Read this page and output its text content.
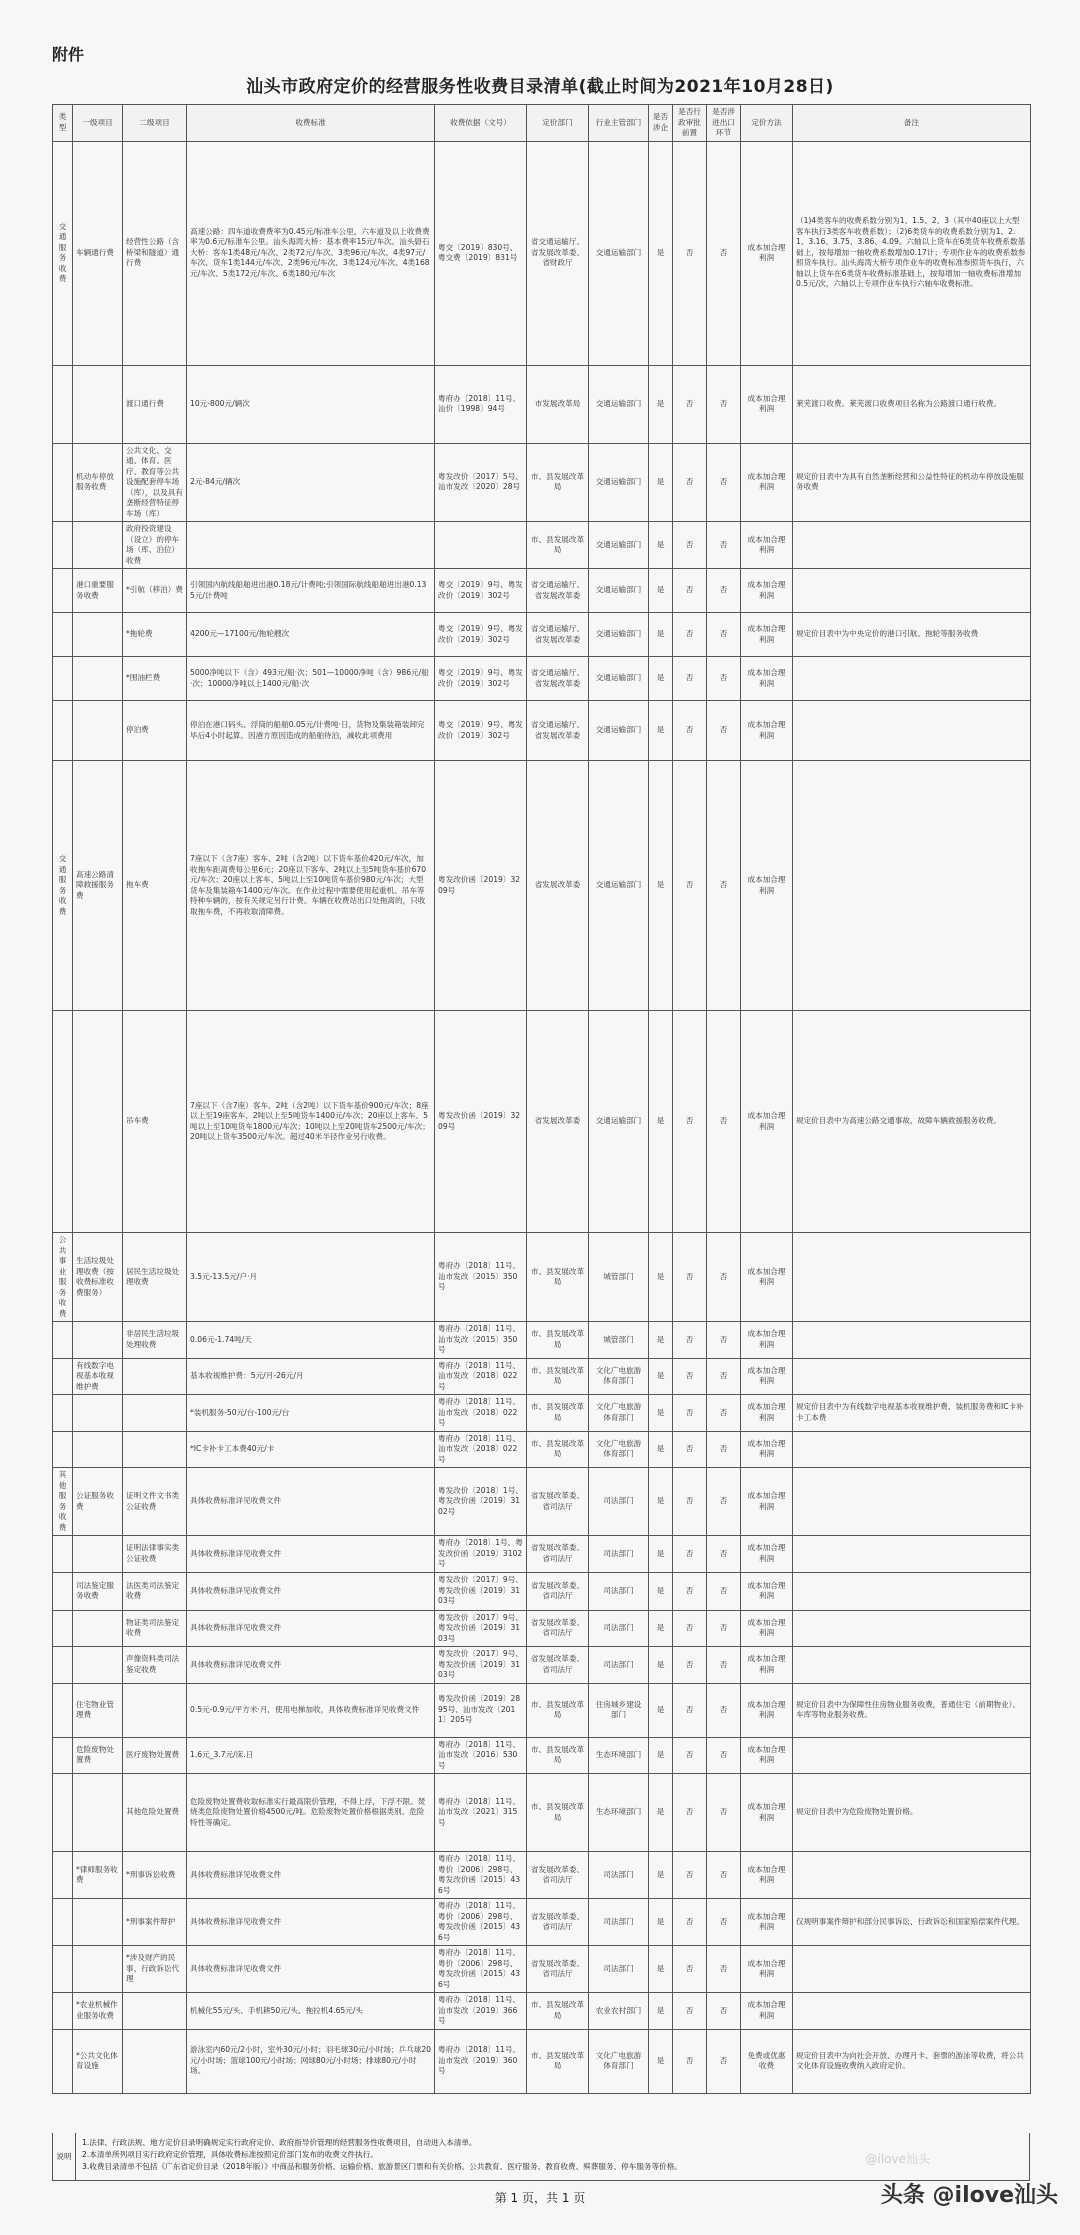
附件
汕头市政府定价的经营服务性收费目录清单(截止时间为2021年10月28日)
类型	一级项目	二级项目	收费标准	收费依据（文号）	定价部门	行业主管部门	是否涉企	是否行政审批前置	是否涉进出口环节	定价方法	备注
交通服务收费	车辆通行费	经营性公路（含桥梁和隧道）通行费	高速公路：四车道收费费率为0.45元/标准车公里，六车道及以上收费费率为0.6元/标准车公里。汕头海湾大桥：基本费率15元/车次。汕头礐石大桥：客车1类48元/车次、2类72元/车次、3类96元/车次、4类97元/车次、货车1类144元/车次、2类96元/车次、3类124元/车次、4类168元/车次、5类172元/车次、6类180元/车次	粤交〔2019〕830号、粤交费〔2019〕831号	省交通运输厅、省发展改革委、省财政厅	交通运输部门	是	否	否	成本加合理利润	（1)4类客车的收费系数分别为1、1.5、2、3（其中40座以上大型客车执行3类客车收费系数）；（2)6类货车的收费系数分别为1、2.1、3.16、3.75、3.86、4.09。六轴以上货车在6类货车收费系数基础上，按每增加一轴收费系数增加0.17计；专项作业车的收费系数参照货车执行。汕头海湾大桥专项作业车的收费标准参照货车执行，六轴以上货车在6类货车收费标准基础上，按每增加一轴收费标准增加0.5元/次，六轴以上专项作业车执行六轴车收费标准。
		渡口通行费	10元-800元/辆次	粤府办〔2018〕11号、汕价〔1998〕94号	市发展改革局	交通运输部门	是	否	否	成本加合理利润	莱芜渡口收费。莱芜渡口收费项目名称为公路渡口通行收费。
	机动车停放服务收费	公共文化、交通、体育、医疗、教育等公共设施配套停车场（库），以及具有垄断经营特征停车场（库）	2元-84元/辆次	粤发改价〔2017〕5号、汕市发改〔2020〕28号	市、县发展改革局	交通运输部门	是	否	否	成本加合理利润	规定价目表中为具有自然垄断经营和公益性特征的机动车停放设施服务收费
		政府投资建设（设立）的停车场（库、泊位）收费			市、县发展改革局	交通运输部门	是	否	否	成本加合理利润	
	港口重要服务收费	*引航（移泊）费	引领国内航线船舶进出港0.18元/计费吨;引领国际航线船舶进出港0.135元/计费吨	粤交〔2019〕9号、粤发改价〔2019〕302号	省交通运输厅、省发展改革委	交通运输部门	是	否	否	成本加合理利润	
		*拖轮费	4200元—17100元/拖轮艘次	粤交〔2019〕9号、粤发改价〔2019〕302号	省交通运输厅、省发展改革委	交通运输部门	是	否	否	成本加合理利润	规定价目表中为中央定价的港口引航、拖轮等服务收费
		*围油栏费	5000净吨以下（含）493元/船·次；501—10000净吨（含）986元/船·次；10000净吨以上1400元/船·次	粤交〔2019〕9号、粤发改价〔2019〕302号	省交通运输厅、省发展改革委	交通运输部门	是	否	否	成本加合理利润	
		停泊费	停泊在港口码头、浮筒的船舶0.05元/计费吨·日，货物及集装箱装卸完毕后4小时起算。因港方原因造成的船舶待泊，减收此项费用	粤交〔2019〕9号、粤发改价〔2019〕302号	省交通运输厅、省发展改革委	交通运输部门	是	否	否	成本加合理利润	
交通服务收费	高速公路清障救援服务费	拖车费	7座以下（含7座）客车、2吨（含2吨）以下货车基价420元/车次，加收拖车距离费每公里6元；20座以下客车、2吨以上至5吨货车基价670元/车次；20座以上客车、5吨以上至10吨货车基价980元/车次；大型货车及集装箱车1400元/车次。在作业过程中需要使用起重机、吊车等特种车辆的，按有关规定另行计费。车辆在收费站出口处拖离的，只收取拖车费，不再收取清障费。	粤发改价函〔2019〕3209号	省发展改革委	交通运输部门	是	否	否	成本加合理利润	
		吊车费	7座以下（含7座）客车、2吨（含2吨）以下货车基价900元/车次；8座以上至19座客车、2吨以上至5吨货车1400元/车次；20座以上客车、5吨以上至10吨货车1800元/车次；10吨以上至20吨货车2500元/车次；20吨以上货车3500元/车次。超过40米半径作业另行收费。	粤发改价函〔2019〕3209号	省发展改革委	交通运输部门	是	否	否	成本加合理利润	规定价目表中为高速公路交通事故、故障车辆救援服务收费。
公共事业服务收费	生活垃圾处理收费（按收费标准收费服务）	居民生活垃圾处理收费	3.5元-13.5元/户·月	粤府办〔2018〕11号、汕市发改〔2015〕350号	市、县发展改革局	城管部门	是	否	否	成本加合理利润	
		非居民生活垃圾处理收费	0.06元-1.74吨/天	粤府办〔2018〕11号、汕市发改〔2015〕350号	市、县发展改革局	城管部门	是	否	否	成本加合理利润	
	有线数字电视基本收视维护费		基本收视维护费：5元/月-26元/月	粤府办〔2018〕11号、汕市发改〔2018〕022号	市、县发展改革局	文化广电旅游体育部门	是	否	否	成本加合理利润	
			*装机服务-50元/台-100元/台	粤府办〔2018〕11号、汕市发改〔2018〕022号	市、县发展改革局	文化广电旅游体育部门	是	否	否	成本加合理利润	规定价目表中为有线数字电视基本收视维护费、装机服务费和IC卡补卡工本费
			*IC卡补卡工本费40元/卡	粤府办〔2018〕11号、汕市发改〔2018〕022号	市、县发展改革局	文化广电旅游体育部门	是	否	否	成本加合理利润	
其他服务收费	公证服务收费	证明文件文书类公证收费	具体收费标准详见收费文件	粤发改价〔2018〕1号、粤发改价函〔2019〕3102号	省发展改革委、省司法厅	司法部门	是	否	否	成本加合理利润	
		证明法律事实类公证收费	具体收费标准详见收费文件	粤府办〔2018〕1号、粤发改价函〔2019〕3102号	省发展改革委、省司法厅	司法部门	是	否	否	成本加合理利润	
	司法鉴定服务收费	法医类司法鉴定收费	具体收费标准详见收费文件	粤发改价〔2017〕9号、粤发改价函〔2019〕3103号	省发展改革委、省司法厅	司法部门	是	否	否	成本加合理利润	
		物证类司法鉴定收费	具体收费标准详见收费文件	粤发改价〔2017〕9号、粤发改价函〔2019〕3103号	省发展改革委、省司法厅	司法部门	是	否	否	成本加合理利润	
		声像资料类司法鉴定收费	具体收费标准详见收费文件	粤发改价〔2017〕9号、粤发改价函〔2019〕3103号	省发展改革委、省司法厅	司法部门	是	否	否	成本加合理利润	
	住宅物业管理费		0.5元-0.9元/平方米·月，使用电梯加收，具体收费标准详见收费文件	粤发改价函〔2019〕2895号、汕市发改〔2011〕205号	市、县发展改革局	住房城乡建设部门	是	否	否	成本加合理利润	规定价目表中为保障性住房物业服务收费，普通住宅（前期物业）、车库等物业服务收费。
	危险废物处置费	医疗废物处置费	1.6元_3.7元/床.日	粤府办〔2018〕11号、汕市发改〔2016〕530号	市、县发展改革局	生态环境部门	是	否	否	成本加合理利润	
		其他危险处置费	危险废物处置费收取标准实行最高限价管理，不得上浮，下浮不限。焚烧类危险废物处置价格4500元/吨。危险废物处置价格根据类别、危险特性等确定。	粤府办〔2018〕11号、汕市发改〔2021〕315号	市、县发展改革局	生态环境部门	是	否	否	成本加合理利润	规定价目表中为危险废物处置价格。
	*律师服务收费	*刑事诉讼收费	具体收费标准详见收费文件	粤府办〔2018〕11号、粤价〔2006〕298号、粤发改价函〔2015〕436号	省发展改革委、省司法厅	司法部门	是	否	否	成本加合理利润	
		*刑事案件辩护	具体收费标准详见收费文件	粤府办〔2018〕11号、粤价〔2006〕298号、粤发改价函〔2015〕436号	省发展改革委、省司法厅	司法部门	是	否	否	成本加合理利润	仅规明事案件辩护和部分民事诉讼、行政诉讼和国家赔偿案件代理。
		*涉及财产的民事、行政诉讼代理	具体收费标准详见收费文件	粤府办〔2018〕11号、粤价〔2006〕298号、粤发改价函〔2015〕436号	省发展改革委、省司法厅	司法部门	是	否	否	成本加合理利润	
	*农业机械作业服务收费		机械化55元/头、手机耕50元/头、拖拉机4.65元/头	粤府办〔2018〕11号、汕市发改〔2019〕366号	市、县发展改革局	农业农村部门	是	否	否	成本加合理利润	
	*公共文化体育设施		游泳室内60元/2小时，室外30元/小时；羽毛球30元/小时场；乒乓球20元/小时场；篮球100元/小时场；网球80元/小时场；排球80元/小时场。	粤府办〔2018〕11号、汕市发改〔2019〕360号	市、县发展改革局	文化广电旅游体育部门	是	否	否	免费或优惠收费	规定价目表中为向社会开放、办理月卡、套票的游泳等收费，将公共文化体育设施收费纳入政府定价。
说明
1.法律、行政法规、地方定价目录明确规定实行政府定价、政府指导价管理的经营服务性收费项目，自动进入本清单。
2.本清单所列项目实行政府定价管理，具体收费标准按照定价部门发布的收费文件执行。
3.收费目录清单不包括《广东省定价目录（2018年版）》中商品和服务价格、运输价格、旅游景区门票和有关价格、公共教育、医疗服务、教育收费、殡葬服务、停车服务等价格。
第 1 页，共 1 页
@ilove汕头
头条 @ilove汕头
